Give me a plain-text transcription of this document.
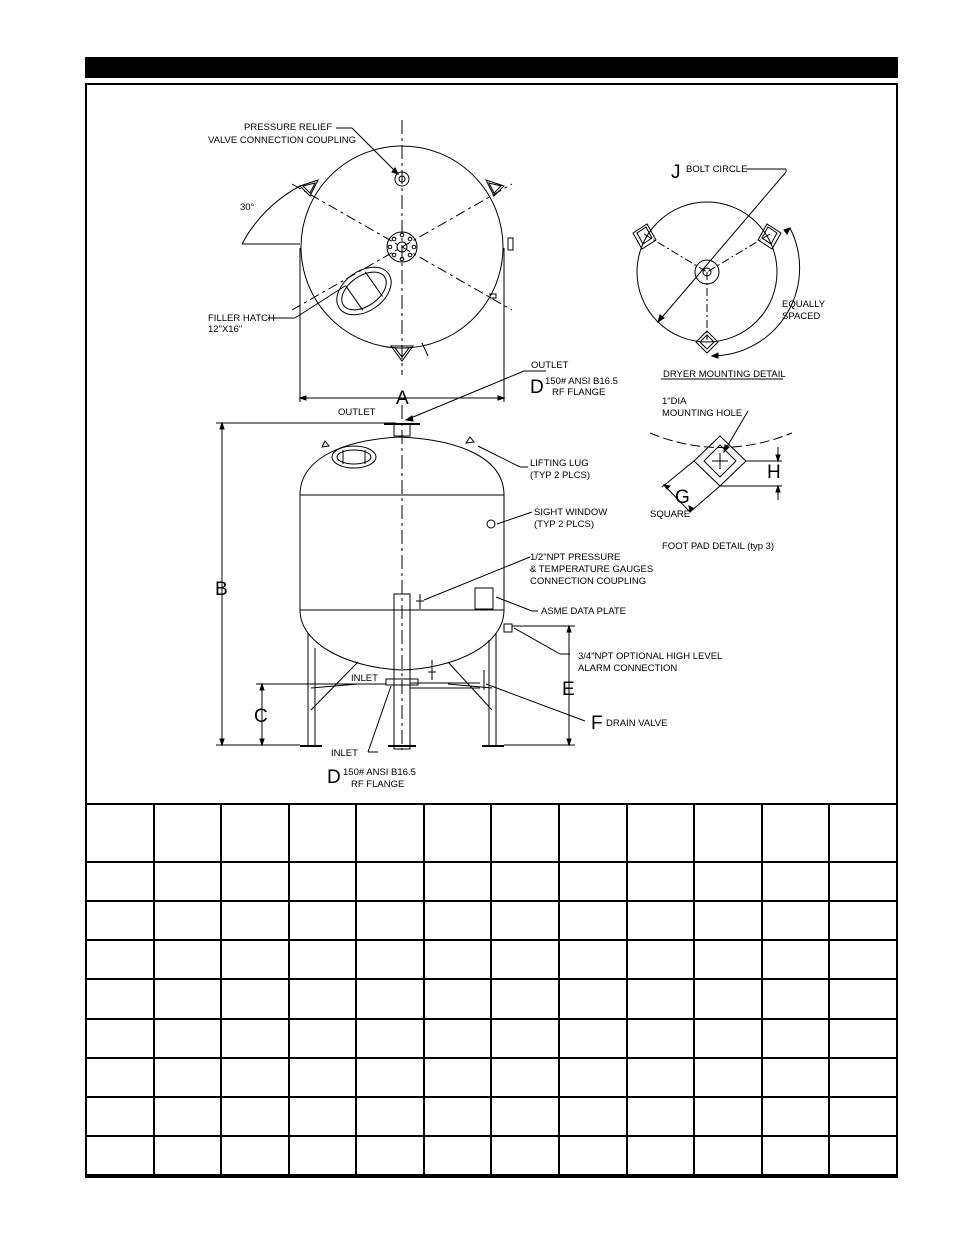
PRESSURE RELIEF
VALVE CONNECTION COUPLING
30°
FILLER HATCH
12"X16"
J BOLT CIRCLE
EQUALLY
SPACED
DRYER MOUNTING DETAIL
OUTLET
D 150# ANSI B16.5
RF FLANGE
A
OUTLET
1"DIA
MOUNTING HOLE
H
G
SQUARE
FOOT PAD DETAIL (typ 3)
LIFTING LUG
(TYP 2 PLCS)
SIGHT WINDOW
(TYP 2 PLCS)
1/2"NPT PRESSURE
& TEMPERATURE GAUGES
CONNECTION COUPLING
B
ASME DATA PLATE
3/4"NPT OPTIONAL HIGH LEVEL
ALARM CONNECTION
E
INLET
C	F DRAIN VALVE
INLET
D 150# ANSI B16.5
RF FLANGE
